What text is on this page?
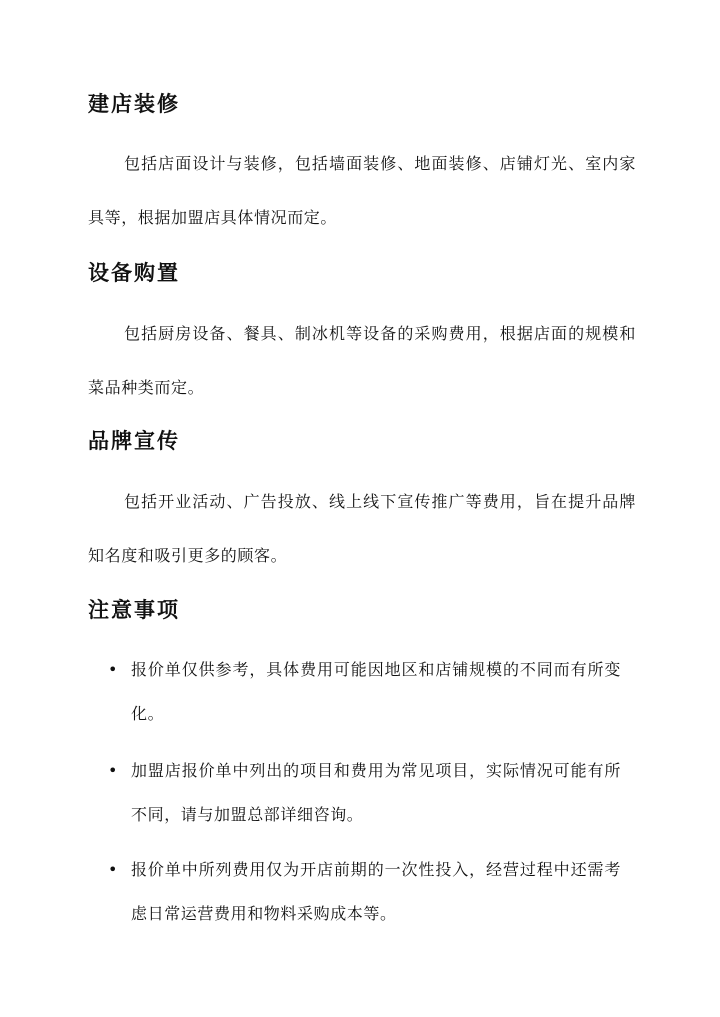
建店装修

包括店面设计与装修，包括墙面装修、地面装修、店铺灯光、室内家具等，根据加盟店具体情况而定。

设备购置

包括厨房设备、餐具、制冰机等设备的采购费用，根据店面的规模和菜品种类而定。

品牌宣传

包括开业活动、广告投放、线上线下宣传推广等费用，旨在提升品牌知名度和吸引更多的顾客。

注意事项
• 报价单仅供参考，具体费用可能因地区和店铺规模的不同而有所变化。

• 加盟店报价单中列出的项目和费用为常见项目，实际情况可能有所不同，请与加盟总部详细咨询。

• 报价单中所列费用仅为开店前期的一次性投入，经营过程中还需考虑日常运营费用和物料采购成本等。
